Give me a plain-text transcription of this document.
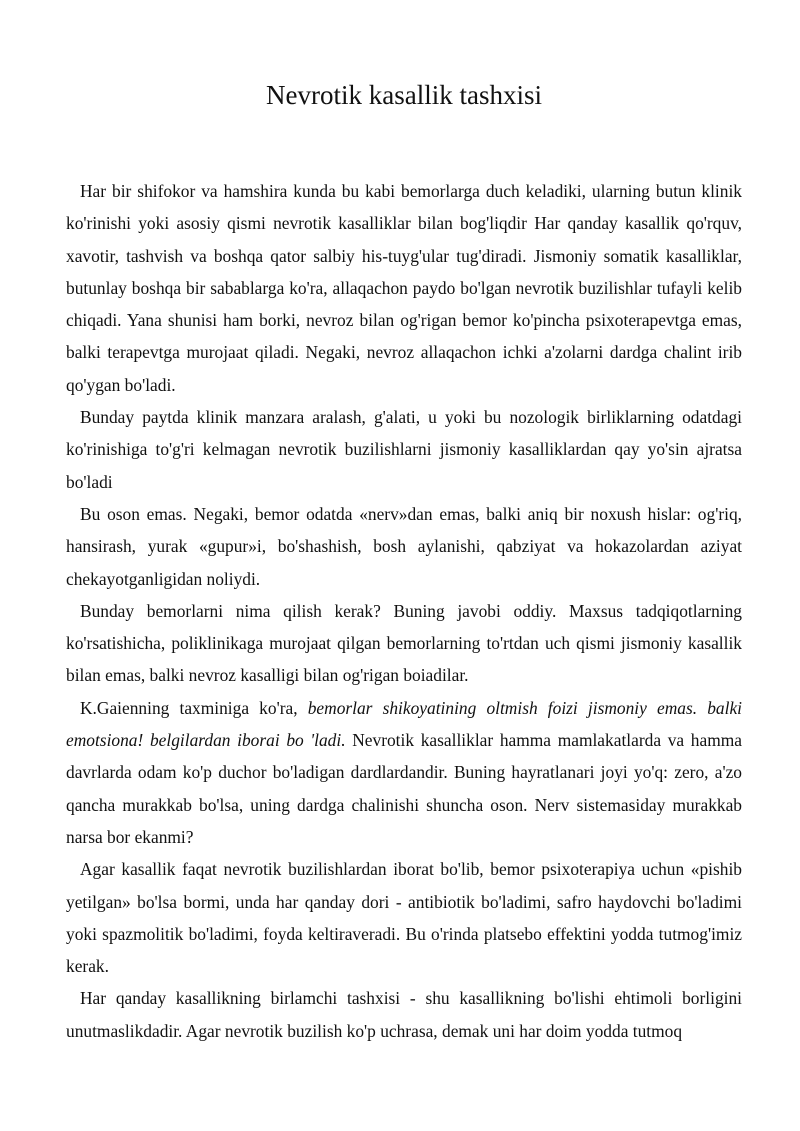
Nevrotik kasallik tashxisi

Har bir shifokor va hamshira kunda bu kabi bemorlarga duch keladiki, ularning butun klinik ko'rinishi yoki asosiy qismi nevrotik kasalliklar bilan bog'liqdir Har qanday kasallik qo'rquv, xavotir, tashvish va boshqa qator salbiy his-tuyg'ular tug'diradi. Jismoniy somatik kasalliklar, butunlay boshqa bir sabablarga ko'ra, allaqachon paydo bo'lgan nevrotik buzilishlar tufayli kelib chiqadi. Yana shunisi ham borki, nevroz bilan og'rigan bemor ko'pincha psixoterapevtga emas, balki terapevtga murojaat qiladi. Negaki, nevroz allaqachon ichki a'zolarni dardga chalint irib qo'ygan bo'ladi.

Bunday paytda klinik manzara aralash, g'alati, u yoki bu nozologik birliklarning odatdagi ko'rinishiga to'g'ri kelmagan nevrotik buzilishlarni jismoniy kasalliklardan qay yo'sin ajratsa bo'ladi

Bu oson emas. Negaki, bemor odatda «nerv»dan emas, balki aniq bir noxush hislar: og'riq, hansirash, yurak «gupur»i, bo'shashish, bosh aylanishi, qabziyat va hokazolardan aziyat chekayotganligidan noliydi.

Bunday bemorlarni nima qilish kerak? Buning javobi oddiy. Maxsus tadqiqotlarning ko'rsatishicha, poliklinikaga murojaat qilgan bemorlarning to'rtdan uch qismi jismoniy kasallik bilan emas, balki nevroz kasalligi bilan og'rigan boiadilar.

K.Gaienning taxminiga ko'ra, bemorlar shikoyatining oltmish foizi jismoniy emas. balki emotsiona! belgilardan iborai bo 'ladi. Nevrotik kasalliklar hamma mamlakatlarda va hamma davrlarda odam ko'p duchor bo'ladigan dardlardandir. Buning hayratlanari joyi yo'q: zero, a'zo qancha murakkab bo'lsa, uning dardga chalinishi shuncha oson. Nerv sistemasiday murakkab narsa bor ekanmi?

Agar kasallik faqat nevrotik buzilishlardan iborat bo'lib, bemor psixoterapiya uchun «pishib yetilgan» bo'lsa bormi, unda har qanday dori - antibiotik bo'ladimi, safro haydovchi bo'ladimi yoki spazmolitik bo'ladimi, foyda keltiraveradi. Bu o'rinda platsebo effektini yodda tutmog'imiz kerak.

Har qanday kasallikning birlamchi tashxisi - shu kasallikning bo'lishi ehtimoli borligini unutmaslikdadir. Agar nevrotik buzilish ko'p uchrasa, demak uni har doim yodda tutmoq
